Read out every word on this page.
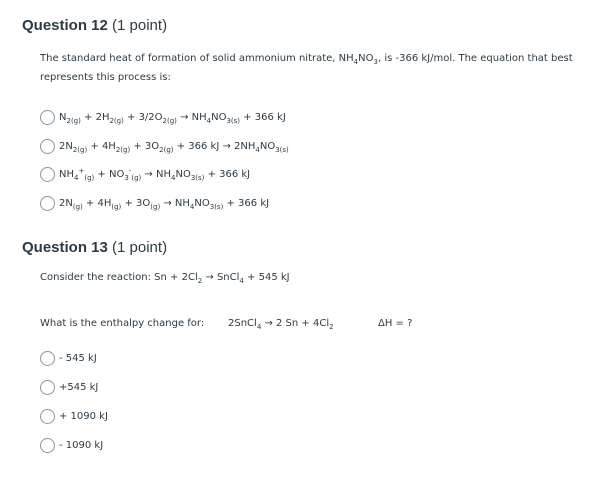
Question 12 (1 point)
The standard heat of formation of solid ammonium nitrate, $NH_4NO_3$, is -366 kJ/mol. The equation that best
represents this process is:
$N_{2(g)} + 2H_{2(g)} + 3/2O_{2(g)} \to NH_4NO_{3(s)} + 366$ kJ
$2N_{2(g)} + 4H_{2(g)} + 3O_{2(g)} + 366$ kJ → $2NH_4NO_{3(s)}$
$NH_4^+_{(g)} + NO_3^-_{(g)} \to NH_4NO_{3(s)} + 366$ kJ
$2N_{(g)} + 4H_{(g)} + 3O_{(g)} \to NH_4NO_{3(s)} + 366$ kJ
Question 13 (1 point)
Consider the reaction: $Sn + 2Cl_2$ → SnCl$_4$ + 545 kJ
What is the enthalpy change for: 2SnCl$_4$ → 2 $Sn + 4Cl_2$	ΔH = ?
- 545 kJ
+545 kJ
+ 1090 kJ
- 1090 kJ
